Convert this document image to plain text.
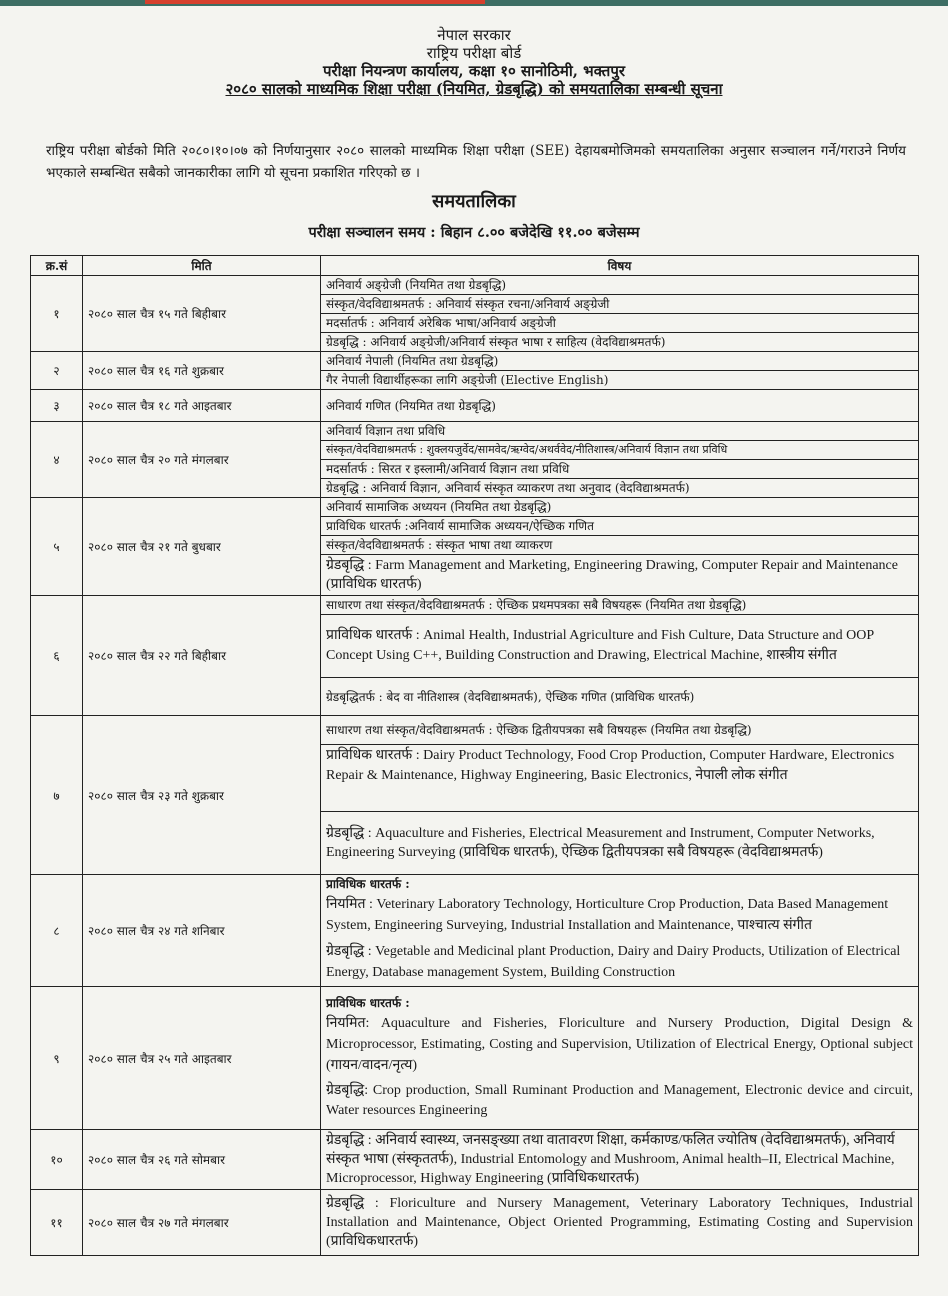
नेपाल सरकार
राष्ट्रिय परीक्षा बोर्ड
परीक्षा नियन्त्रण कार्यालय, कक्षा १० सानोठिमी, भक्तपुर
२०८० सालको माध्यमिक शिक्षा परीक्षा (नियमित, ग्रेडबृद्धि) को समयतालिका सम्बन्धी सूचना
राष्ट्रिय परीक्षा बोर्डको मिति २०८०।१०।०७ को निर्णयानुसार २०८० सालको माध्यमिक शिक्षा परीक्षा (SEE) देहायबमोजिमको समयतालिका अनुसार सञ्चालन गर्ने/गराउने निर्णय भएकाले सम्बन्धित सबैको जानकारीका लागि यो सूचना प्रकाशित गरिएको छ ।
समयतालिका
परीक्षा सञ्चालन समय : बिहान ८.०० बजेदेखि ११.०० बजेसम्म
क्र.सं	मिति	विषय
१	२०८० साल चैत्र १५ गते बिहीबार	अनिवार्य अङ्ग्रेजी (नियमित तथा ग्रेडबृद्धि)
		संस्कृत/वेदविद्याश्रमतर्फ : अनिवार्य संस्कृत रचना/अनिवार्य अङ्ग्रेजी
		मदर्सातर्फ : अनिवार्य अरेबिक भाषा/अनिवार्य अङ्ग्रेजी
		ग्रेडबृद्धि : अनिवार्य अङ्ग्रेजी/अनिवार्य संस्कृत भाषा र साहित्य (वेदविद्याश्रमतर्फ)
२	२०८० साल चैत्र १६ गते शुक्रबार	अनिवार्य नेपाली (नियमित तथा ग्रेडबृद्धि)
		गैर नेपाली विद्यार्थीहरूका लागि अङ्ग्रेजी (Elective English)
३	२०८० साल चैत्र १८ गते आइतबार	अनिवार्य गणित (नियमित तथा ग्रेडबृद्धि)
४	२०८० साल चैत्र २० गते मंगलबार	अनिवार्य विज्ञान तथा प्रविधि
		संस्कृत/वेदविद्याश्रमतर्फ : शुक्लयजुर्वेद/सामवेद/ऋग्वेद/अथर्ववेद/नीतिशास्त्र/अनिवार्य विज्ञान तथा प्रविधि
		मदर्सातर्फ : सिरत र इस्लामी/अनिवार्य विज्ञान तथा प्रविधि
		ग्रेडबृद्धि : अनिवार्य विज्ञान, अनिवार्य संस्कृत व्याकरण तथा अनुवाद (वेदविद्याश्रमतर्फ)
५	२०८० साल चैत्र २१ गते बुधबार	अनिवार्य सामाजिक अध्ययन (नियमित तथा ग्रेडबृद्धि)
		प्राविधिक धारतर्फ :अनिवार्य सामाजिक अध्ययन/ऐच्छिक गणित
		संस्कृत/वेदविद्याश्रमतर्फ : संस्कृत भाषा तथा व्याकरण
		ग्रेडबृद्धि : Farm Management and Marketing, Engineering Drawing, Computer Repair and Maintenance (प्राविधिक धारतर्फ)
६	२०८० साल चैत्र २२ गते बिहीबार	साधारण तथा संस्कृत/वेदविद्याश्रमतर्फ : ऐच्छिक प्रथमपत्रका सबै विषयहरू (नियमित तथा ग्रेडबृद्धि)
		प्राविधिक धारतर्फ : Animal Health, Industrial Agriculture and Fish Culture, Data Structure and OOP Concept Using C++, Building Construction and Drawing, Electrical Machine, शास्त्रीय संगीत
		ग्रेडबृद्धितर्फ : बेद वा नीतिशास्त्र (वेदविद्याश्रमतर्फ), ऐच्छिक गणित (प्राविधिक धारतर्फ)
७	२०८० साल चैत्र २३ गते शुक्रबार	साधारण तथा संस्कृत/वेदविद्याश्रमतर्फ : ऐच्छिक द्वितीयपत्रका सबै विषयहरू (नियमित तथा ग्रेडबृद्धि)
		प्राविधिक धारतर्फ : Dairy Product Technology, Food Crop Production, Computer Hardware, Electronics Repair & Maintenance, Highway Engineering, Basic Electronics, नेपाली लोक संगीत
		ग्रेडबृद्धि : Aquaculture and Fisheries, Electrical Measurement and Instrument, Computer Networks, Engineering Surveying (प्राविधिक धारतर्फ), ऐच्छिक द्वितीयपत्रका सबै विषयहरू (वेदविद्याश्रमतर्फ)
८	२०८० साल चैत्र २४ गते शनिबार	प्राविधिक धारतर्फ :
		नियमित : Veterinary Laboratory Technology, Horticulture Crop Production, Data Based Management System, Engineering Surveying, Industrial Installation and Maintenance, पाश्चात्य संगीत
		ग्रेडबृद्धि : Vegetable and Medicinal plant Production, Dairy and Dairy Products, Utilization of Electrical Energy, Database management System, Building Construction
९	२०८० साल चैत्र २५ गते आइतबार	प्राविधिक धारतर्फ :
		नियमित: Aquaculture and Fisheries, Floriculture and Nursery Production, Digital Design & Microprocessor, Estimating, Costing and Supervision, Utilization of Electrical Energy, Optional subject (गायन/वादन/नृत्य)
		ग्रेडबृद्धि: Crop production, Small Ruminant Production and Management, Electronic device and circuit, Water resources Engineering
१०	२०८० साल चैत्र २६ गते सोमबार	ग्रेडबृद्धि : अनिवार्य स्वास्थ्य, जनसङ्ख्या तथा वातावरण शिक्षा, कर्मकाण्ड/फलित ज्योतिष (वेदविद्याश्रमतर्फ), अनिवार्य संस्कृत भाषा (संस्कृततर्फ), Industrial Entomology and Mushroom, Animal health–II, Electrical Machine, Microprocessor, Highway Engineering (प्राविधिकधारतर्फ)
११	२०८० साल चैत्र २७ गते मंगलबार	ग्रेडबृद्धि : Floriculture and Nursery Management, Veterinary Laboratory Techniques, Industrial Installation and Maintenance, Object Oriented Programming, Estimating Costing and Supervision (प्राविधिकधारतर्फ)
